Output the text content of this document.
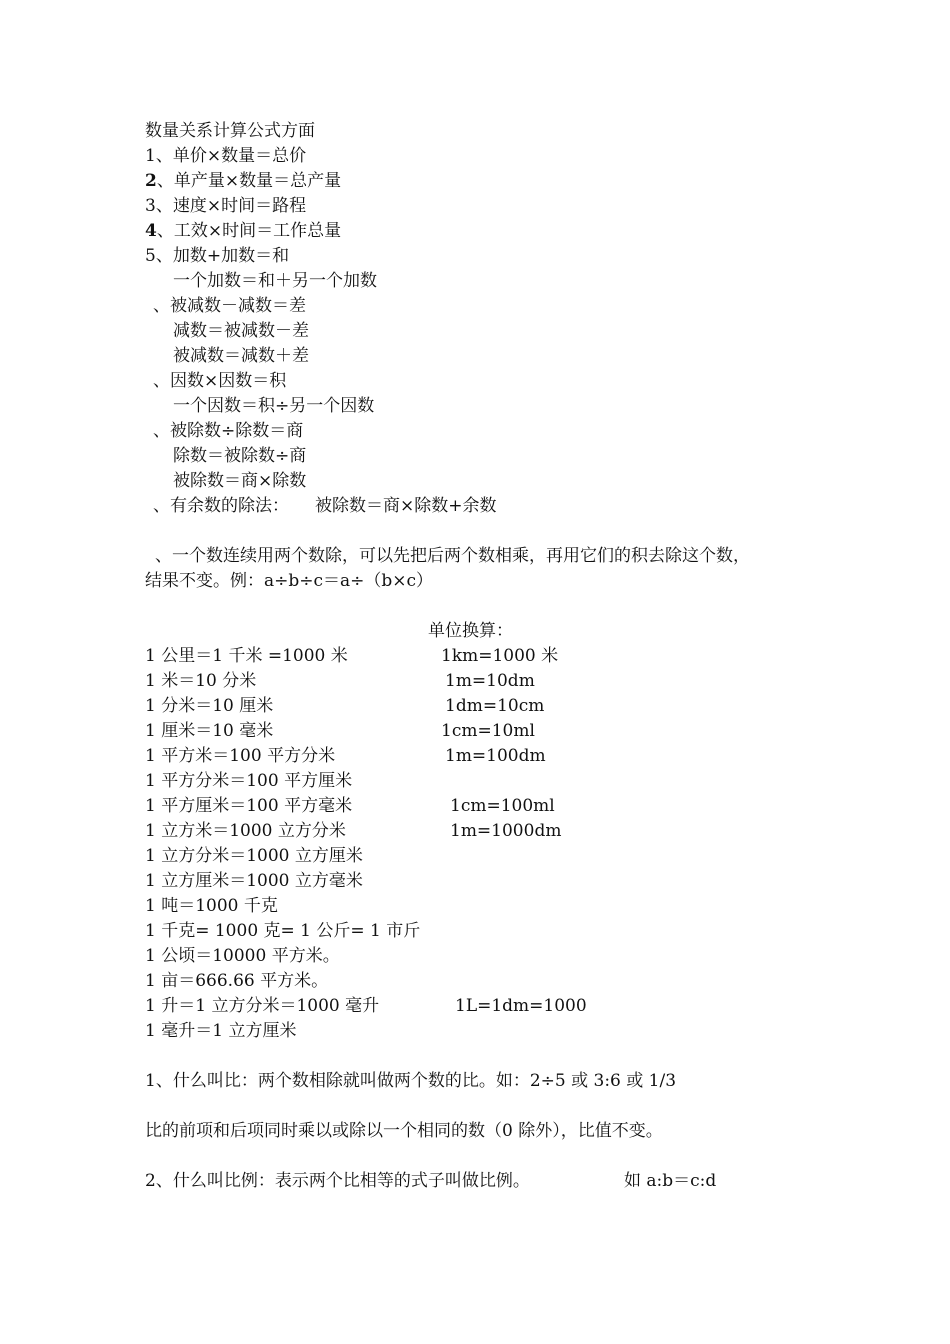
数量关系计算公式方面
1、单价×数量＝总价
2、单产量×数量＝总产量
3、速度×时间＝路程
4、工效×时间＝工作总量
5、加数+加数＝和
一个加数＝和＋另一个加数
、被减数－减数＝差
减数＝被减数－差
被减数＝减数＋差
、因数×因数＝积
一个因数＝积÷另一个因数
、被除数÷除数＝商
除数＝被除数÷商
被除数＝商×除数
、有余数的除法： 被除数＝商×除数+余数
、一个数连续用两个数除，可以先把后两个数相乘，再用它们的积去除这个数，
结果不变。例：a÷b÷c＝a÷（b×c）
单位换算：
1 公里＝1 千米 =1000 米	1km=1000 米
1 米＝10 分米	1m=10dm
1 分米＝10 厘米	1dm=10cm
1 厘米＝10 毫米	1cm=10ml
1 平方米＝100 平方分米	1m=100dm
1 平方分米＝100 平方厘米
1 平方厘米＝100 平方毫米	1cm=100ml
1 立方米＝1000 立方分米	1m=1000dm
1 立方分米＝1000 立方厘米
1 立方厘米＝1000 立方毫米
1 吨＝1000 千克
1 千克= 1000 克= 1 公斤= 1 市斤
1 公顷＝10000 平方米。
1 亩＝666.66 平方米。
1 升＝1 立方分米＝1000 毫升	1L=1dm=1000
1 毫升＝1 立方厘米
1、什么叫比：两个数相除就叫做两个数的比。如：2÷5 或 3:6 或 1/3
比的前项和后项同时乘以或除以一个相同的数（0 除外），比值不变。
2、什么叫比例：表示两个比相等的式子叫做比例。	如 a:b＝c:d
